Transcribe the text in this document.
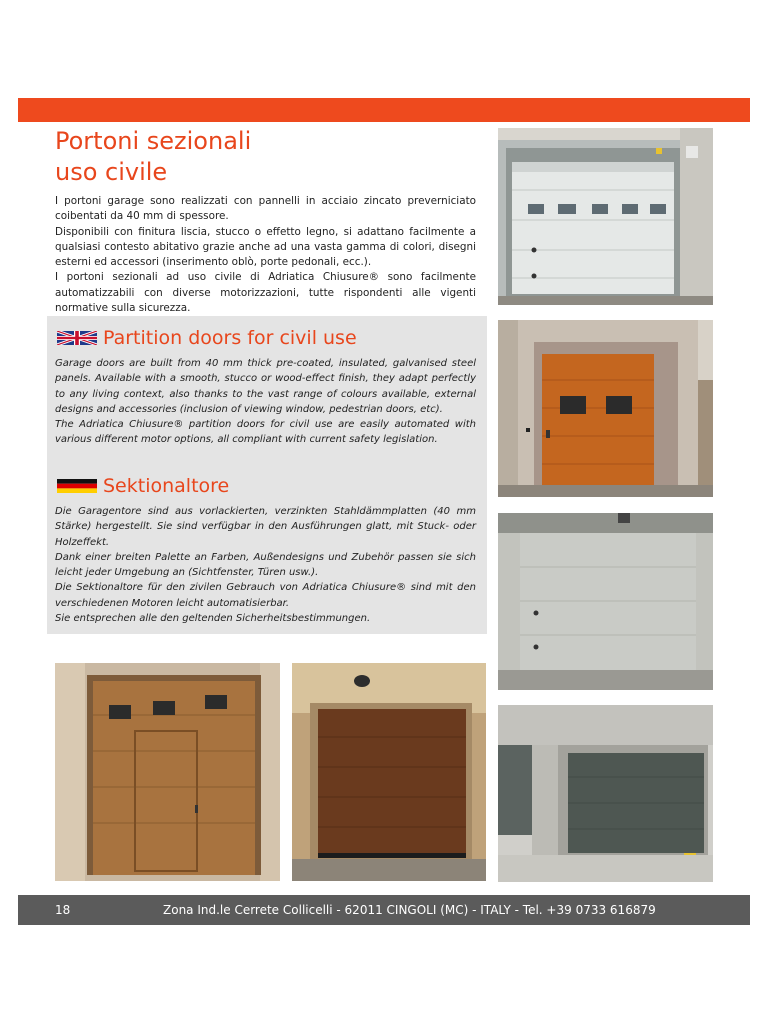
Portoni sezionali
uso civile

I portoni garage sono realizzati con pannelli in acciaio zincato preverniciato coibentati da 40 mm di spessore.

Disponibili con finitura liscia, stucco o effetto legno, si adattano facilmente a qualsiasi contesto abitativo grazie anche ad una vasta gamma di colori, disegni esterni ed accessori (inserimento oblò, porte pedonali, ecc.).

I portoni sezionali ad uso civile di Adriatica Chiusure® sono facilmente automatizzabili con diverse motorizzazioni, tutte rispondenti alle vigenti normative sulla sicurezza.

Partition doors for civil use

Garage doors are built from 40 mm thick pre-coated, insulated, galvanised steel panels. Available with a smooth, stucco or wood-effect finish, they adapt perfectly to any living context, also thanks to the vast range of colours available, external designs and accessories (inclusion of viewing window, pedestrian doors, etc).

The Adriatica Chiusure® partition doors for civil use are easily automated with various different motor options, all compliant with current safety legislation.

Sektionaltore

Die Garagentore sind aus vorlackierten, verzinkten Stahldämmplatten (40 mm Stärke) hergestellt. Sie sind verfügbar in den Ausführungen glatt, mit Stuck- oder Holzeffekt.

Dank einer breiten Palette an Farben, Außendesigns und Zubehör passen sie sich leicht jeder Umgebung an (Sichtfenster, Türen usw.).

Die Sektionaltore für den zivilen Gebrauch von Adriatica Chiusure® sind mit den verschiedenen Motoren leicht automatisierbar.

Sie entsprechen alle den geltenden Sicherheitsbestimmungen.

18	Zona Ind.le Cerrete Collicelli - 62011 CINGOLI (MC) - ITALY - Tel. +39 0733 616879
